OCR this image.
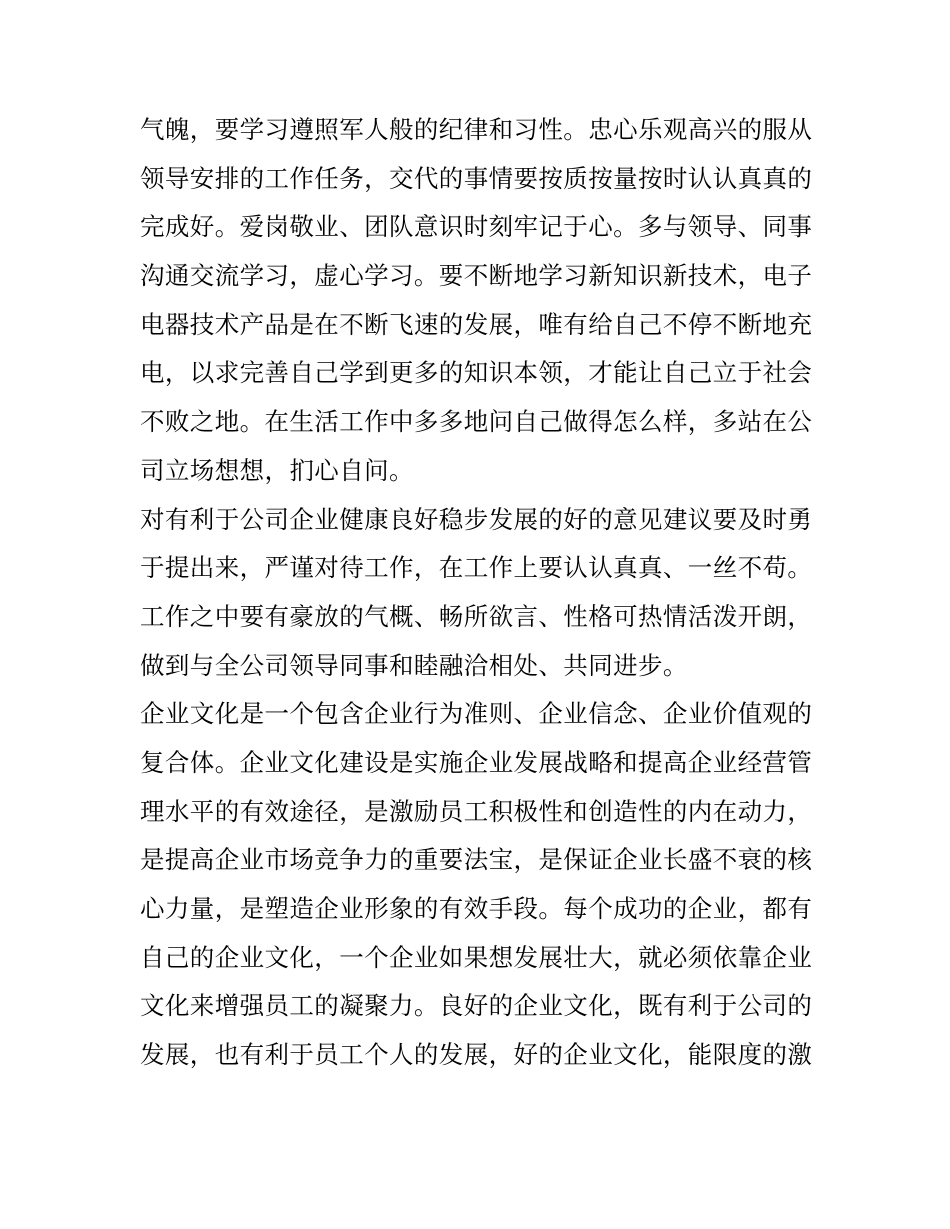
气魄，要学习遵照军人般的纪律和习性。忠心乐观高兴的服从
领导安排的工作任务，交代的事情要按质按量按时认认真真的
完成好。爱岗敬业、团队意识时刻牢记于心。多与领导、同事
沟通交流学习，虚心学习。要不断地学习新知识新技术，电子
电器技术产品是在不断飞速的发展，唯有给自己不停不断地充
电，以求完善自己学到更多的知识本领，才能让自己立于社会
不败之地。在生活工作中多多地问自己做得怎么样，多站在公
司立场想想，扪心自问。
对有利于公司企业健康良好稳步发展的好的意见建议要及时勇
于提出来，严谨对待工作，在工作上要认认真真、一丝不苟。
工作之中要有豪放的气概、畅所欲言、性格可热情活泼开朗，
做到与全公司领导同事和睦融洽相处、共同进步。
企业文化是一个包含企业行为准则、企业信念、企业价值观的
复合体。企业文化建设是实施企业发展战略和提高企业经营管
理水平的有效途径，是激励员工积极性和创造性的内在动力，
是提高企业市场竞争力的重要法宝，是保证企业长盛不衰的核
心力量，是塑造企业形象的有效手段。每个成功的企业，都有
自己的企业文化，一个企业如果想发展壮大，就必须依靠企业
文化来增强员工的凝聚力。良好的企业文化，既有利于公司的
发展，也有利于员工个人的发展，好的企业文化，能限度的激
